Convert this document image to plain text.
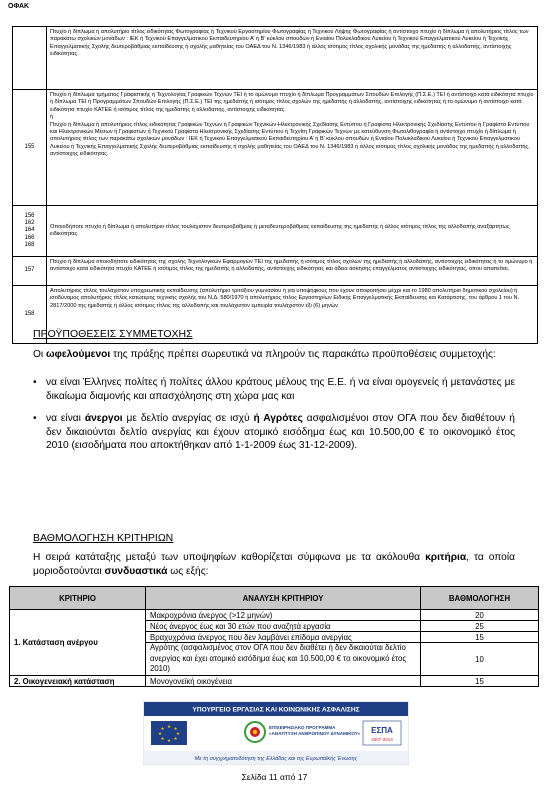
ΟΦΑΚ
	Πτυχίο ή δίπλωμα ή απολυτήριο τίτλος ειδικότητας Φωτογραφίας ή Τεχνικού Εργαστηρίου Φωτογραφίας ή Τεχνικού Λήψης Φωτογραφίας ή αντίστοιχο πτυχίο ή δίπλωμα ή απολυτήριος τίτλος των παρακάτω σχολικών μονάδων : ΙΕΚ ή Τεχνικού Επαγγελματικού Εκπαιδευτηρίου Α’ ή Β’ κύκλου σπουδών ή Ενιαίου Πολυκλαδικού Λυκείου ή Τεχνικού Επαγγελματικού Λυκείου ή Τεχνικής Επαγγελματικής Σχολής δευτεροβάθμιας εκπαίδευσης ή σχολής μαθητείας του ΟΑΕΔ του Ν. 1346/1983 ή άλλος ισότιμος τίτλος σχολικής μονάδας της ημεδαπής ή αλλοδαπής, αντίστοιχης ειδικότητας.
155	Πτυχίο ή δίπλωμα τμήματος Γραφιστικής ή Τεχνολογίας Γραφικών Τεχνών ΤΕΙ ή το ομώνυμο πτυχίο ή δίπλωμα Προγραμμάτων Σπουδών Επιλογής (Π.Σ.Ε.) ΤΕΙ ή αντίστοιχο κατά ειδικότητα πτυχίο ή δίπλωμα ΤΕΙ ή Προγραμμάτων Σπουδών Επιλογής (Π.Σ.Ε.) ΤΕΙ της ημεδαπής ή ισότιμος τίτλος σχολών της ημεδαπής ή αλλοδαπής, αντίστοιχης ειδικότητας ή το ομώνυμο ή αντίστοιχο κατά ειδικότητα πτυχίο ΚΑΤΕΕ ή ισότιμος τίτλος της ημεδαπής ή αλλοδαπής, αντίστοιχης ειδικότητας.
ή
Πτυχίο ή δίπλωμα ή απολυτήριος τίτλος ειδικότητας Γραφικών Τεχνών ή Γραφικών Τεχνικών-Ηλεκτρονικής Σχεδίασης Εντύπου ή Γραφίστα Ηλεκτρονικής Σχεδίασης Εντύπου ή Γραφίστα Εντύπου και Ηλεκτρονικών Μέσων ή Γραφιστών ή Τεχνικού Γραφίστα Ηλεκτρονικής Σχεδίασης Εντύπου ή Τεχνίτη Γραφικών Τεχνών με κατεύθυνση Φωτολιθογραφία ή αντίστοιχο πτυχίο ή δίπλωμα ή απολυτήριος τίτλος των παρακάτω σχολικών μονάδων : ΙΕΚ ή Τεχνικού Επαγγελματικού Εκπαιδευτηρίου Α’ ή Β’ κύκλου σπουδών ή Ενιαίου Πολυκλαδικού Λυκείου ή Τεχνικού Επαγγελματικού Λυκείου ή Τεχνικής Επαγγελματικής Σχολής δευτεροβάθμιας εκπαίδευσης ή σχολής μαθητείας του ΟΑΕΔ του Ν. 1346/1983 ή άλλος ισότιμος τίτλος σχολικής μονάδας της ημεδαπής ή αλλοδαπής, αντίστοιχης ειδικότητας.

156
162
164
166
168	Οποιοδήποτε πτυχίο ή δίπλωμα ή απολυτήριο τίτλος τουλάχιστον δευτεροβάθμιας ή μεταδευτεροβάθμιας εκπαίδευσης της ημεδαπής ή άλλος ισότιμος τίτλος της αλλοδαπής αναξάρτητως ειδικότητας.
157	Πτυχίο ή δίπλωμα οποιοδήποτε ειδικότητας της σχολής Τεχνολογικών Εφαρμογών ΤΕΙ της ημεδαπής ή ισότιμος τίτλος σχολών της ημεδαπής ή αλλοδαπής, αντίστοιχης ειδικότητας ή το ομώνυμο ή αντίστοιχο κατά ειδικότητα πτυχίο ΚΑΤΕΕ ή ισότιμος τίτλος της ημεδαπής ή αλλοδαπής, αντίστοιχης ειδικότητας και άδεια άσκησης επαγγέλματος αντίστοιχης ειδικότητας, όπου απαιτείται.
158	Απολυτήριος τίτλος τουλάχιστον υποχρεωτικής εκπαίδευσης (απολυτήριο τριτάξιου γυμνασίου ή για υποψήφιους που έχουν αποφοιτήσει μέχρι και το 1980 απολυτήριο δημοτικού σχολείου) ή ισοδύναμος απολυτήριος τίτλος κατώτερης τεχνικής σχολής του Ν.Δ. 580/1970 ή απολυτήριος τίτλος Εργαστηρίων Ειδικής Επαγγελματικής Εκπαίδευσης και Κατάρτισης, του άρθρου 1 του Ν. 2817/2000 της ημεδαπής ή άλλος ισότιμος τίτλος της αλλοδαπής και τουλάχιστον εμπειρία τουλάχιστον έξι (6) μηνών
ΠΡΟΫΠΟΘΕΣΕΙΣ ΣΥΜΜΕΤΟΧΗΣ
Οι ωφελούμενοι της πράξης πρέπει σωρευτικά να πληρούν τις παρακάτω προϋποθέσεις συμμετοχής:
• να είναι Έλληνες πολίτες ή πολίτες άλλου κράτους μέλους της Ε.Ε. ή να είναι ομογενείς ή μετανάστες με δικαίωμα διαμονής και απασχόλησης στη χώρα μας και
• να είναι άνεργοι με δελτίο ανεργίας σε ισχύ ή Αγρότες ασφαλισμένοι στον ΟΓΑ που δεν διαθέτουν ή δεν δικαιούνται δελτίο ανεργίας και έχουν ατομικό εισόδημα έως και 10.500,00 € το οικονομικό έτος 2010 (εισοδήματα που αποκτήθηκαν από 1-1-2009 έως 31-12-2009).
ΒΑΘΜΟΛΟΓΗΣΗ ΚΡΙΤΗΡΙΩΝ
Η σειρά κατάταξης μεταξύ των υποψηφίων καθορίζεται σύμφωνα με τα ακόλουθα κριτήρια, τα οποία μοριοδοτούνται συνδυαστικά ως εξής:
ΚΡΙΤΗΡΙΟ	ΑΝΑΛΥΣΗ ΚΡΙΤΗΡΙΟΥ	ΒΑΘΜΟΛΟΓΗΣΗ
1. Κατάσταση ανέργου	Μακροχρόνια άνεργος (>12 μηνών)	20
	Νέος άνεργος έως και 30 ετών που αναζητά εργασία	25
	Βραχυχρόνια άνεργος που δεν λαμβάνει επίδομα ανεργίας	15
	Αγρότης (ασφαλισμένος στον ΟΓΑ που δεν διαθέτει ή δεν δικαιούται δελτίο ανεργίας και έχει ατομικό εισόδημα έως και 10.500,00 € το οικονομικό έτος 2010)	10
2. Οικογενειακή κατάσταση	Μονογονεϊκή οικογένεια	15
ΥΠΟΥΡΓΕΙΟ ΕΡΓΑΣΙΑΣ ΚΑΙ ΚΟΙΝΩΝΙΚΗΣ ΑΣΦΑΛΙΣΗΣ
★ ★
★
★
★
★
★
★	ΕΠΙΧΕΙΡΗΣΙΑΚΟ ΠΡΟΓΡΑΜΜΑ
«ΑΝΑΠΤΥΞΗ ΑΝΘΡΩΠΙΝΟΥ ΔΥΝΑΜΙΚΟΥ» ΕΣΠΑ
2007-2013
Με τη συγχρηματοδότηση της Ελλάδας και της Ευρωπαϊκής Ένωσης
Σελίδα 11 από 17
